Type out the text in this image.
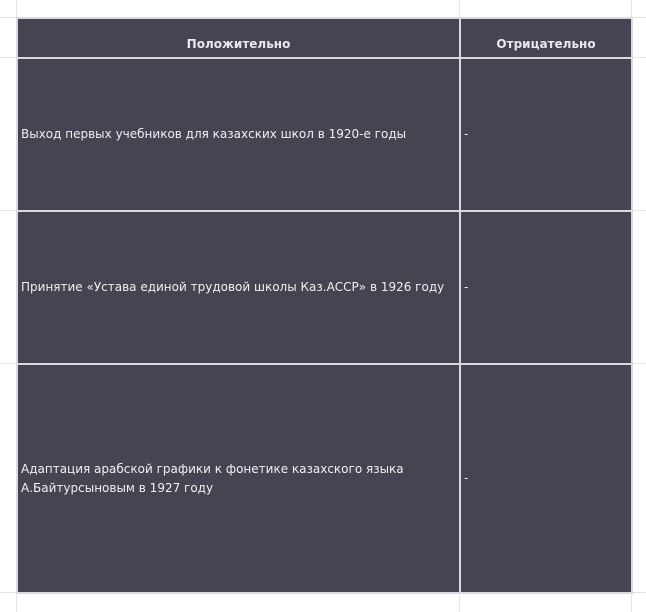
Положительно	Отрицательно
Выход первых учебников для казахских школ в 1920-е годы	-
Принятие «Устава единой трудовой школы Каз.АССР» в 1926 году	-
Адаптация арабской графики к фонетике казахского языка А.Байтурсыновым в 1927 году	-
